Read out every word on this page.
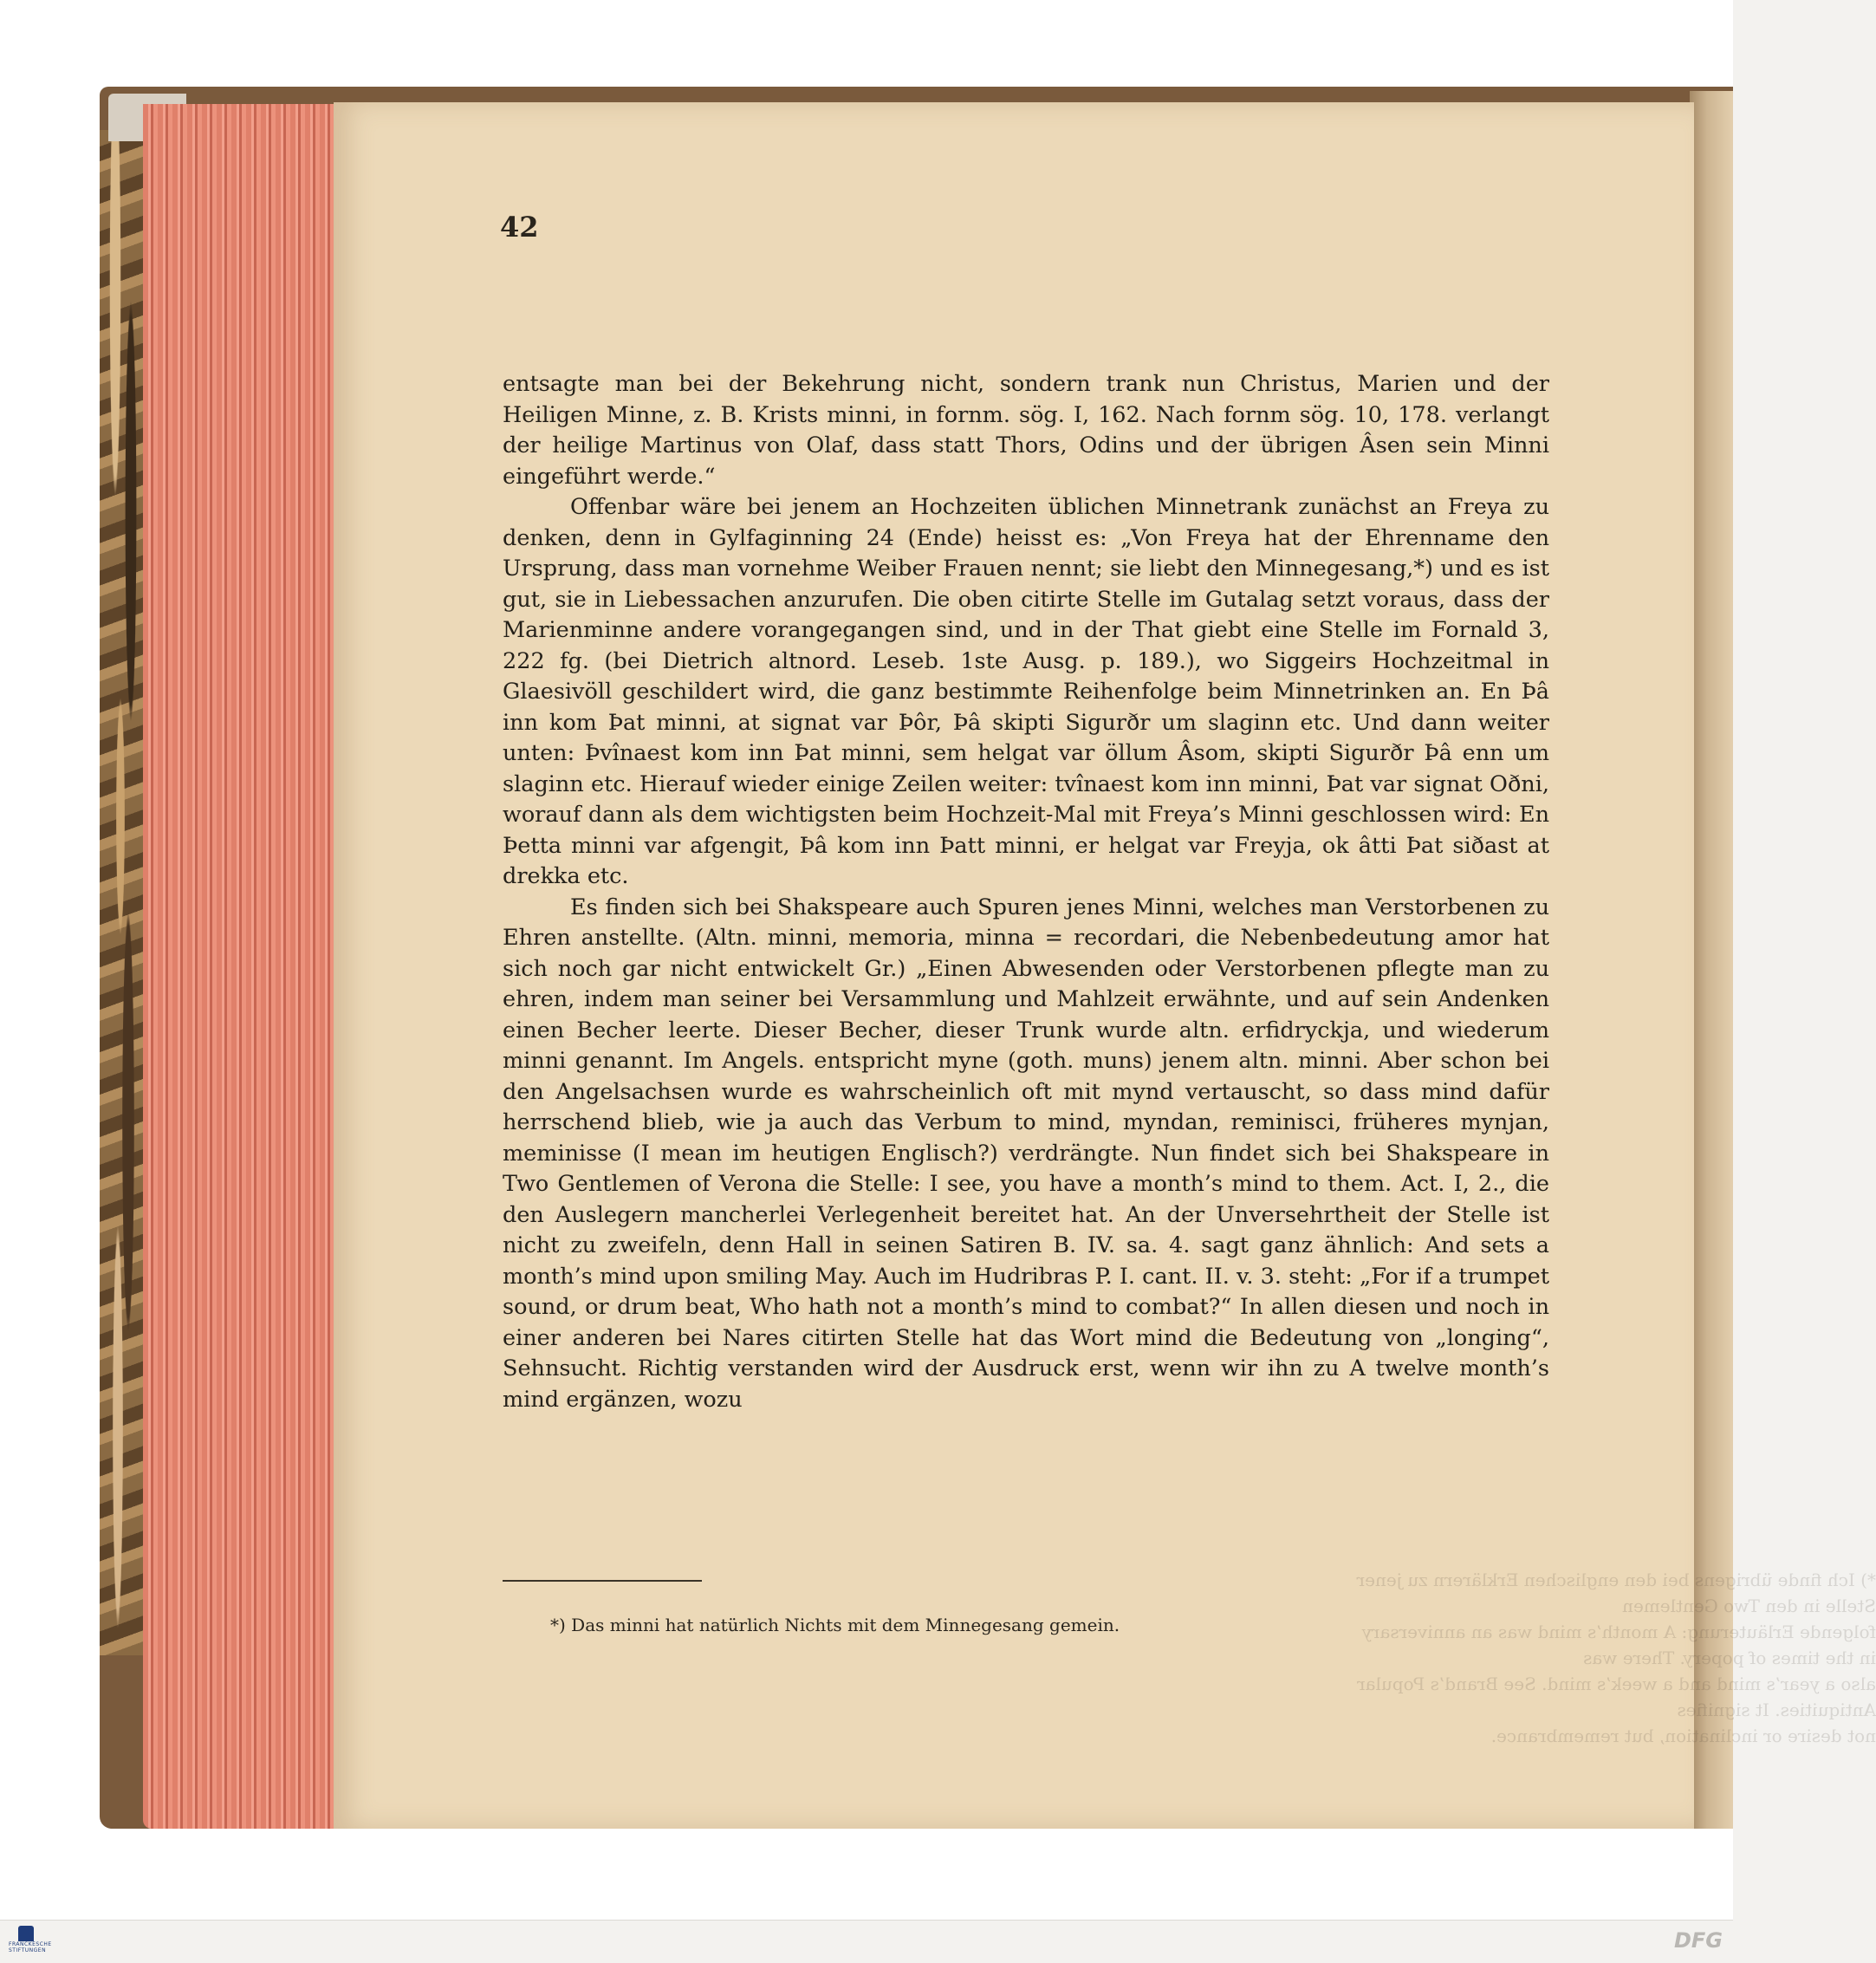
42

entsagte man bei der Bekehrung nicht, sondern trank nun Christus, Marien und der Heiligen Minne, z. B. Krists minni, in fornm. sög. I, 162. Nach fornm sög. 10, 178. verlangt der heilige Martinus von Olaf, dass statt Thors, Odins und der übrigen Âsen sein Minni eingeführt werde.“

Offenbar wäre bei jenem an Hochzeiten üblichen Minnetrank zunächst an Freya zu denken, denn in Gylfaginning 24 (Ende) heisst es: „Von Freya hat der Ehrenname den Ursprung, dass man vornehme Weiber Frauen nennt; sie liebt den Minnegesang,*) und es ist gut, sie in Liebessachen anzurufen. Die oben citirte Stelle im Gutalag setzt voraus, dass der Marienminne andere vorangegangen sind, und in der That giebt eine Stelle im Fornald 3, 222 fg. (bei Dietrich altnord. Leseb. 1ste Ausg. p. 189.), wo Siggeirs Hochzeitmal in Glaesivöll geschildert wird, die ganz bestimmte Reihenfolge beim Minnetrinken an. En Þâ inn kom Þat minni, at signat var Þôr, Þâ skipti Sigurðr um slaginn etc. Und dann weiter unten: Þvînaest kom inn Þat minni, sem helgat var öllum Âsom, skipti Sigurðr Þâ enn um slaginn etc. Hierauf wieder einige Zeilen weiter: tvînaest kom inn minni, Þat var signat Oðni, worauf dann als dem wichtigsten beim Hochzeit-Mal mit Freya’s Minni geschlossen wird: En Þetta minni var afgengit, Þâ kom inn Þatt minni, er helgat var Freyja, ok âtti Þat siðast at drekka etc.

Es finden sich bei Shakspeare auch Spuren jenes Minni, welches man Verstorbenen zu Ehren anstellte. (Altn. minni, memoria, minna = recordari, die Nebenbedeutung amor hat sich noch gar nicht entwickelt Gr.) „Einen Abwesenden oder Verstorbenen pflegte man zu ehren, indem man seiner bei Versammlung und Mahlzeit erwähnte, und auf sein Andenken einen Becher leerte. Dieser Becher, dieser Trunk wurde altn. erfidryckja, und wiederum minni genannt. Im Angels. entspricht myne (goth. muns) jenem altn. minni. Aber schon bei den Angelsachsen wurde es wahrscheinlich oft mit mynd vertauscht, so dass mind dafür herrschend blieb, wie ja auch das Verbum to mind, myndan, reminisci, früheres mynjan, meminisse (I mean im heutigen Englisch?) verdrängte. Nun findet sich bei Shakspeare in Two Gentlemen of Verona die Stelle: I see, you have a month’s mind to them. Act. I, 2., die den Auslegern mancherlei Verlegenheit bereitet hat. An der Unversehrtheit der Stelle ist nicht zu zweifeln, denn Hall in seinen Satiren B. IV. sa. 4. sagt ganz ähnlich: And sets a month’s mind upon smiling May. Auch im Hudribras P. I. cant. II. v. 3. steht: „For if a trumpet sound, or drum beat, Who hath not a month’s mind to combat?“ In allen diesen und noch in einer anderen bei Nares citirten Stelle hat das Wort mind die Bedeutung von „longing“, Sehnsucht. Richtig verstanden wird der Ausdruck erst, wenn wir ihn zu A twelve month’s mind ergänzen, wozu

*) Das minni hat natürlich Nichts mit dem Minnegesang gemein.
*) Ich finde übrigens bei den englischen Erklärern zu jener Stelle in den Two Gentlemen
folgende Erläuterung: A month’s mind was an anniversary in the times of popery. There was
also a year’s mind and a week’s mind. See Brand’s Popular Antiquities. It signifies
not desire or inclination, but remembrance.
FRANCKESCHE STIFTUNGEN	DFG
